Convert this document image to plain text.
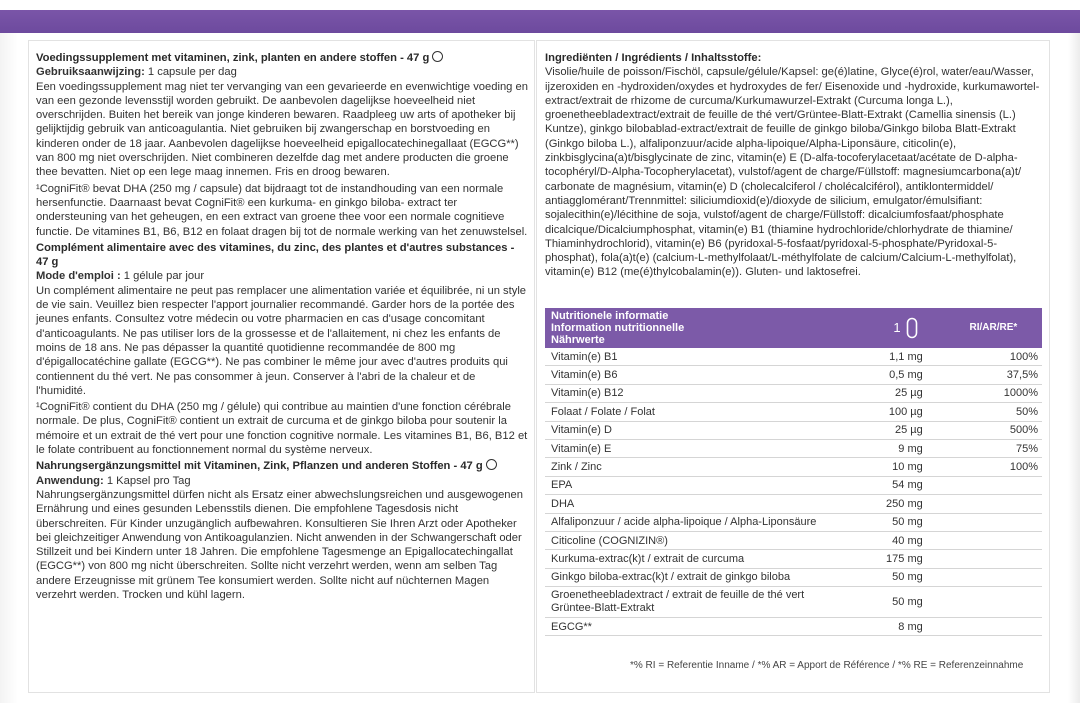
Voedingssupplement met vitaminen, zink, planten en andere stoffen - 47 g
Gebruiksaanwijzing: 1 capsule per dag
Een voedingssupplement mag niet ter vervanging van een gevarieerde en evenwichtige voeding en van een gezonde levensstijl worden gebruikt. De aanbevolen dagelijkse hoeveelheid niet overschrijden. Buiten het bereik van jonge kinderen bewaren. Raadpleeg uw arts of apotheker bij gelijktijdig gebruik van anticoagulantia. Niet gebruiken bij zwangerschap en borstvoeding en kinderen onder de 18 jaar. Aanbevolen dagelijkse hoeveelheid epigallocatechinegallaat (EGCG**) van 800 mg niet overschrijden. Niet combineren dezelfde dag met andere producten die groene thee bevatten. Niet op een lege maag innemen. Fris en droog bewaren.
¹CogniFit® bevat DHA (250 mg / capsule) dat bijdraagt tot de instandhouding van een normale hersenfunctie. Daarnaast bevat CogniFit® een kurkuma- en ginkgo biloba- extract ter ondersteuning van het geheugen, en een extract van groene thee voor een normale cognitieve functie. De vitamines B1, B6, B12 en folaat dragen bij tot de normale werking van het zenuwstelsel.

Complément alimentaire avec des vitamines, du zinc, des plantes et d'autres substances - 47 g
Mode d'emploi : 1 gélule par jour
Un complément alimentaire ne peut pas remplacer une alimentation variée et équilibrée, ni un style de vie sain. Veuillez bien respecter l'apport journalier recommandé. Garder hors de la portée des jeunes enfants. Consultez votre médecin ou votre pharmacien en cas d'usage concomitant d'anticoagulants. Ne pas utiliser lors de la grossesse et de l'allaitement, ni chez les enfants de moins de 18 ans. Ne pas dépasser la quantité quotidienne recommandée de 800 mg d'épigallocatéchine gallate (EGCG**). Ne pas combiner le même jour avec d'autres produits qui contiennent du thé vert. Ne pas consommer à jeun. Conserver à l'abri de la chaleur et de l'humidité.
¹CogniFit® contient du DHA (250 mg / gélule) qui contribue au maintien d'une fonction cérébrale normale. De plus, CogniFit® contient un extrait de curcuma et de ginkgo biloba pour soutenir la mémoire et un extrait de thé vert pour une fonction cognitive normale. Les vitamines B1, B6, B12 et le folate contribuent au fonctionnement normal du système nerveux.

Nahrungsergänzungsmittel mit Vitaminen, Zink, Pflanzen und anderen Stoffen - 47 g
Anwendung: 1 Kapsel pro Tag
Nahrungsergänzungsmittel dürfen nicht als Ersatz einer abwechslungsreichen und ausgewogenen Ernährung und eines gesunden Lebensstils dienen. Die empfohlene Tagesdosis nicht überschreiten. Für Kinder unzugänglich aufbewahren. Konsultieren Sie Ihren Arzt oder Apotheker bei gleichzeitiger Anwendung von Antikoagulanzien. Nicht anwenden in der Schwangerschaft oder Stillzeit und bei Kindern unter 18 Jahren. Die empfohlene Tagesmenge an Epigallocatechingallat (EGCG**) von 800 mg nicht überschreiten. Sollte nicht verzehrt werden, wenn am selben Tag andere Erzeugnisse mit grünem Tee konsumiert werden. Sollte nicht auf nüchternen Magen verzehrt werden. Trocken und kühl lagern.

Ingrediënten / Ingrédients / Inhaltsstoffe:
Visolie/huile de poisson/Fischöl, capsule/gélule/Kapsel: ge(é)latine, Glyce(é)rol, water/eau/Wasser, ijzeroxiden en -hydroxiden/oxydes et hydroxydes de fer/ Eisenoxide und -hydroxide, kurkumawortel-extract/extrait de rhizome de curcuma/Kurkumawurzel-Extrakt (Curcuma longa L.), groenetheebladextract/extrait de feuille de thé vert/Grüntee-Blatt-Extrakt (Camellia sinensis (L.) Kuntze), ginkgo bilobablad-extract/extrait de feuille de ginkgo biloba/Ginkgo biloba Blatt-Extrakt (Ginkgo biloba L.), alfaliponzuur/acide alpha-lipoique/Alpha-Liponsäure, citicolin(e), zinkbisglycina(a)t/bisglycinate de zinc, vitamin(e) E (D-alfa-tocoferylacetaat/acétate de D-alpha-tocophéryl/D-Alpha-Tocopherylacetat), vulstof/agent de charge/Füllstoff: magnesiumcarbona(a)t/ carbonate de magnésium, vitamin(e) D (cholecalciferol / cholécalciférol), antiklontermiddel/ antiagglomérant/Trennmittel: siliciumdioxid(e)/dioxyde de silicium, emulgator/émulsifiant: sojalecithin(e)/lécithine de soja, vulstof/agent de charge/Füllstoff: dicalciumfosfaat/phosphate dicalcique/Dicalciumphosphat, vitamin(e) B1 (thiamine hydrochloride/chlorhydrate de thiamine/ Thiaminhydrochlorid), vitamin(e) B6 (pyridoxal-5-fosfaat/pyridoxal-5-phosphate/Pyridoxal-5-phosphat), fola(a)t(e) (calcium-L-methylfolaat/L-méthylfolate de calcium/Calcium-L-methylfolat), vitamin(e) B12 (me(é)thylcobalamin(e)). Gluten- und laktosefrei.

Nutritionele informatie
Information nutritionnelle
Nährwerte	1	RI/AR/RE*
Vitamin(e) B1	1,1 mg	100%
Vitamin(e) B6	0,5 mg	37,5%
Vitamin(e) B12	25 µg	1000%
Folaat / Folate / Folat	100 µg	50%
Vitamin(e) D	25 µg	500%
Vitamin(e) E	9 mg	75%
Zink / Zinc	10 mg	100%
EPA	54 mg	
DHA	250 mg	
Alfaliponzuur / acide alpha-lipoique / Alpha-Liponsäure	50 mg	
Citicoline (COGNIZIN®)	40 mg	
Kurkuma-extrac(k)t / extrait de curcuma	175 mg	
Ginkgo biloba-extrac(k)t / extrait de ginkgo biloba	50 mg	
Groenetheebladextract / extrait de feuille de thé vert
Grüntee-Blatt-Extrakt	50 mg	
EGCG**	8 mg	
*% RI = Referentie Inname / *% AR = Apport de Référence / *% RE = Referenzeinnahme
